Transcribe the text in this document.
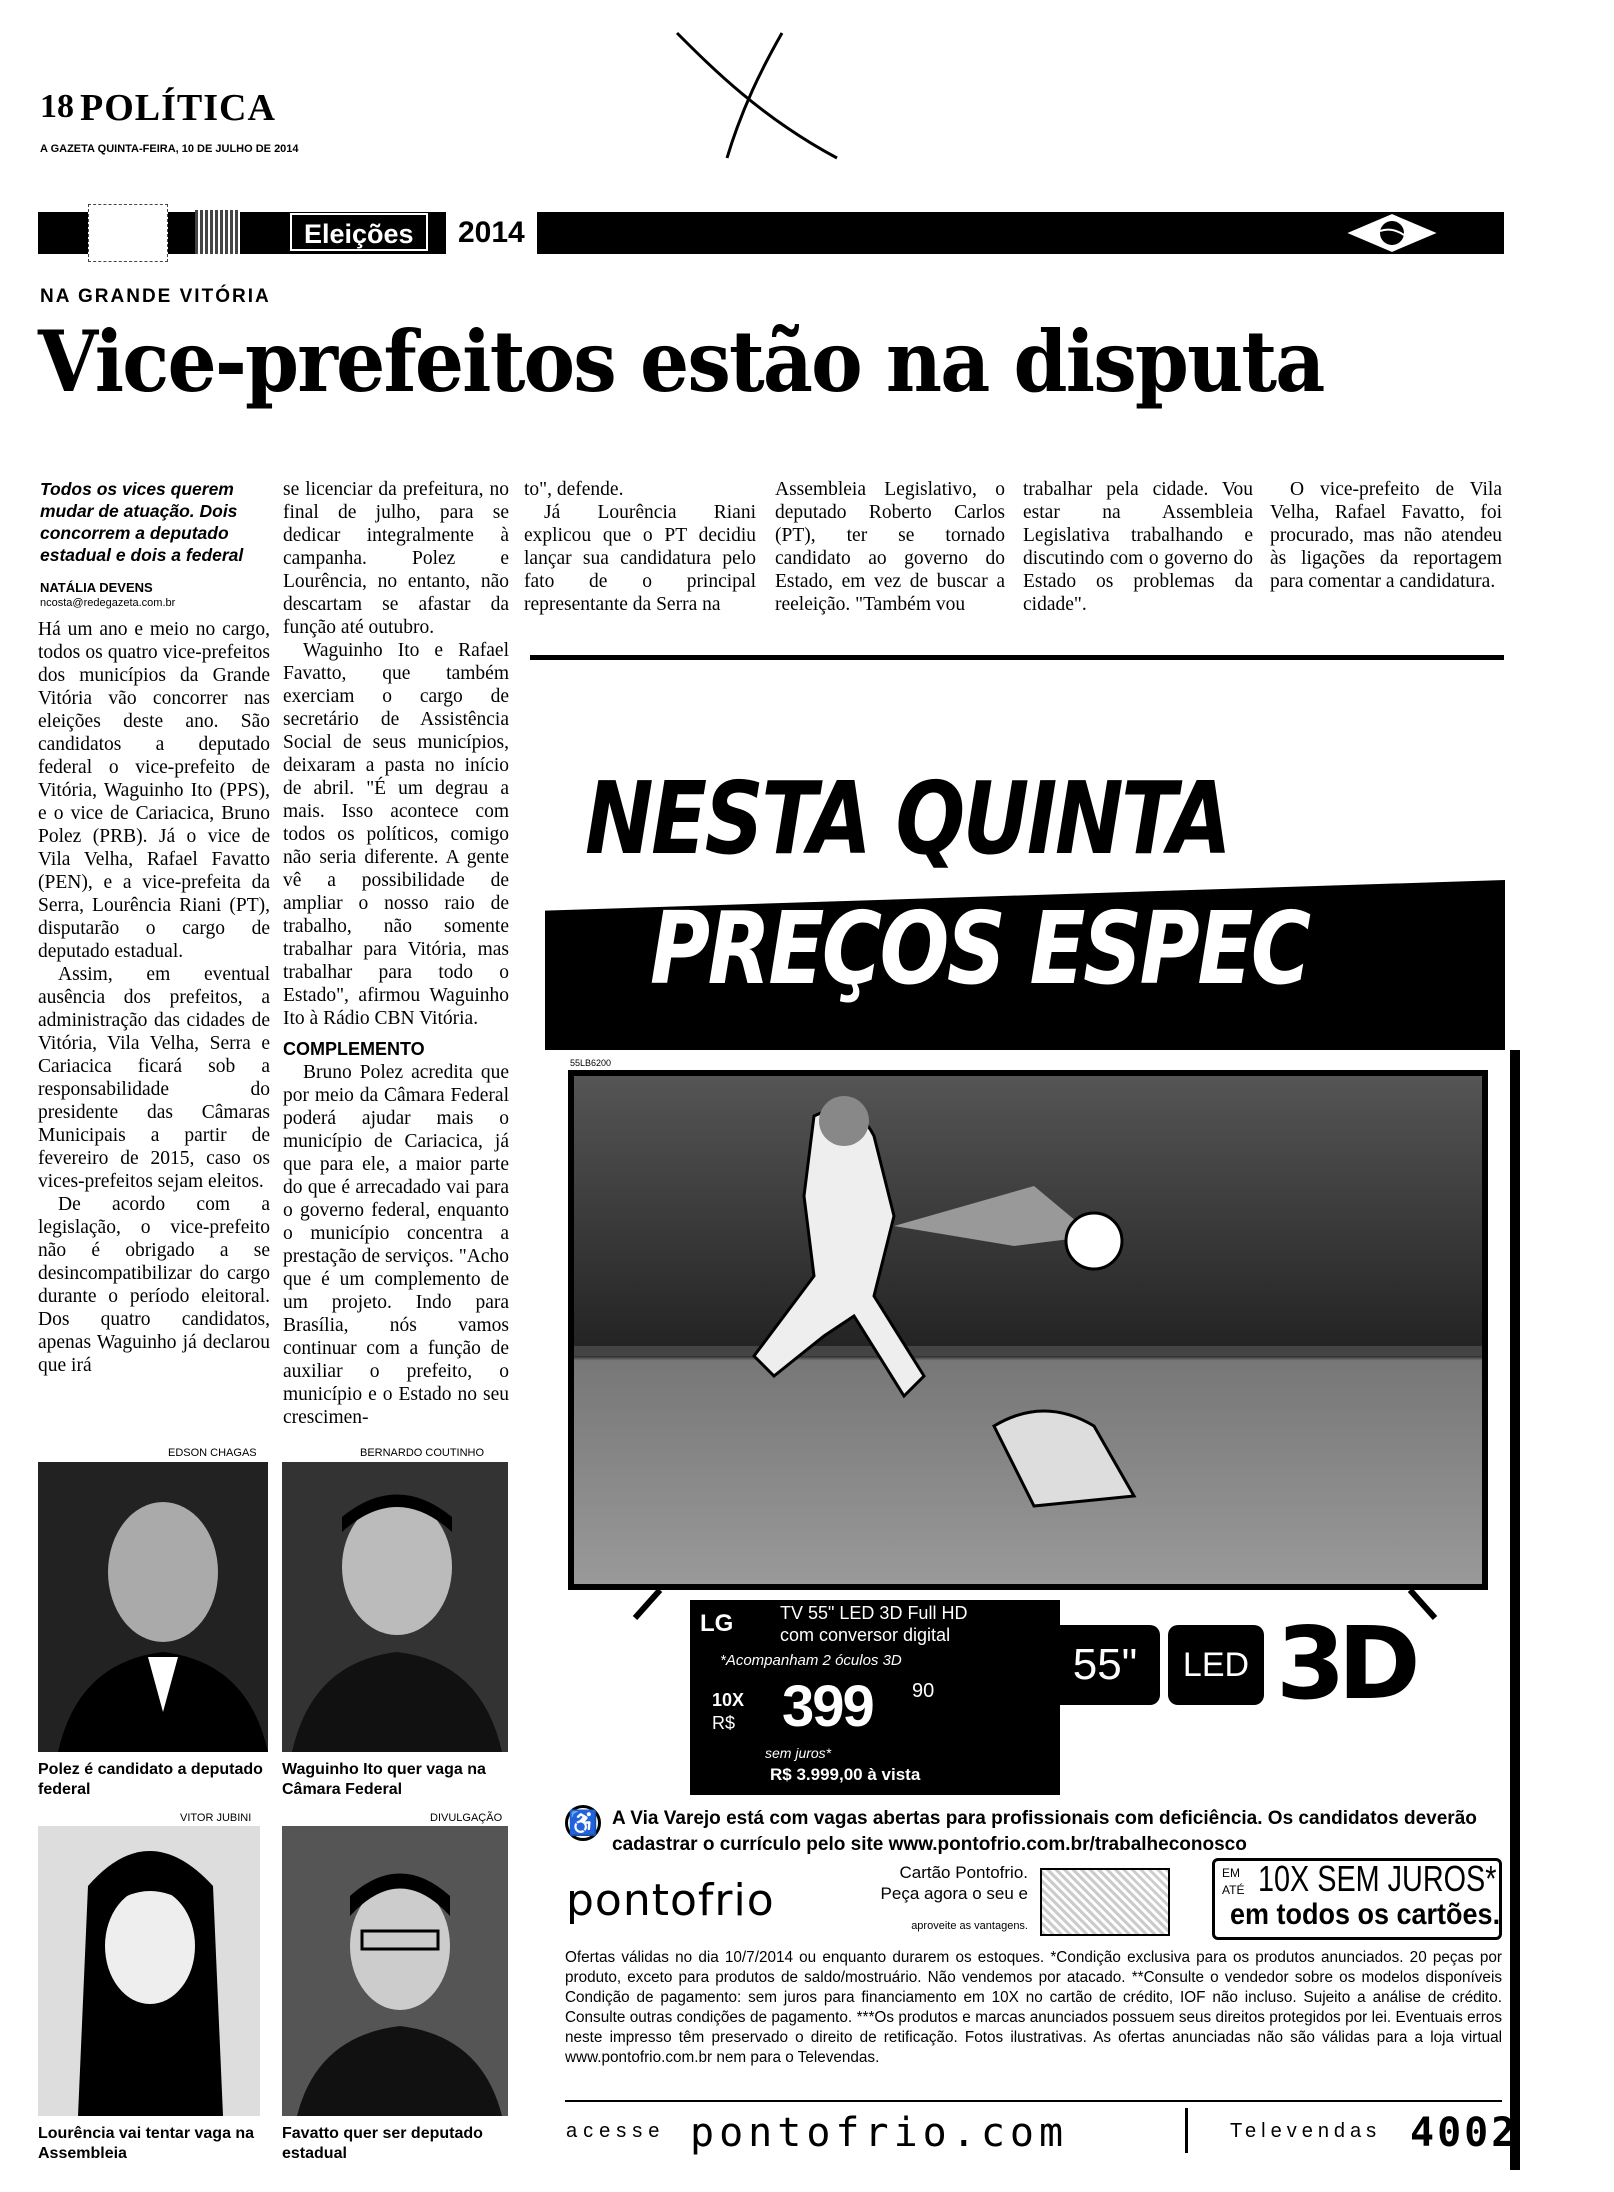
18 POLÍTICA
A GAZETA QUINTA-FEIRA, 10 DE JULHO DE 2014
Eleições	2014
NA GRANDE VITÓRIA
Vice-prefeitos estão na disputa
Todos os vices querem mudar de atuação. Dois concorrem a deputado estadual e dois a federal
NATÁLIA DEVENS
ncosta@redegazeta.com.br

Há um ano e meio no cargo, todos os quatro vice-prefeitos dos municípios da Grande Vitória vão concorrer nas eleições deste ano. São candidatos a deputado federal o vice-prefeito de Vitória, Waguinho Ito (PPS), e o vice de Cariacica, Bruno Polez (PRB). Já o vice de Vila Velha, Rafael Favatto (PEN), e a vice-prefeita da Serra, Lourência Riani (PT), disputarão o cargo de deputado estadual.

Assim, em eventual ausência dos prefeitos, a administração das cidades de Vitória, Vila Velha, Serra e Cariacica ficará sob a responsabilidade do presidente das Câmaras Municipais a partir de fevereiro de 2015, caso os vices-prefeitos sejam eleitos.

De acordo com a legislação, o vice-prefeito não é obrigado a se desincompatibilizar do cargo durante o período eleitoral. Dos quatro candidatos, apenas Waguinho já declarou que irá

se licenciar da prefeitura, no final de julho, para se dedicar integralmente à campanha. Polez e Lourência, no entanto, não descartam se afastar da função até outubro.

Waguinho Ito e Rafael Favatto, que também exerciam o cargo de secretário de Assistência Social de seus municípios, deixaram a pasta no início de abril. "É um degrau a mais. Isso acontece com todos os políticos, comigo não seria diferente. A gente vê a possibilidade de ampliar o nosso raio de trabalho, não somente trabalhar para Vitória, mas trabalhar para todo o Estado", afirmou Waguinho Ito à Rádio CBN Vitória.

COMPLEMENTO

Bruno Polez acredita que por meio da Câmara Federal poderá ajudar mais o município de Cariacica, já que para ele, a maior parte do que é arrecadado vai para o governo federal, enquanto o município concentra a prestação de serviços. "Acho que é um complemento de um projeto. Indo para Brasília, nós vamos continuar com a função de auxiliar o prefeito, o município e o Estado no seu crescimen-

to", defende.

Já Lourência Riani explicou que o PT decidiu lançar sua candidatura pelo fato de o principal representante da Serra na

Assembleia Legislativo, o deputado Roberto Carlos (PT), ter se tornado candidato ao governo do Estado, em vez de buscar a reeleição. "Também vou

trabalhar pela cidade. Vou estar na Assembleia Legislativa trabalhando e discutindo com o governo do Estado os problemas da cidade".

O vice-prefeito de Vila Velha, Rafael Favatto, foi procurado, mas não atendeu às ligações da reportagem para comentar a candidatura.

EDSON CHAGAS
Polez é candidato a deputado federal
BERNARDO COUTINHO
Waguinho Ito quer vaga na Câmara Federal
VITOR JUBINI
Lourência vai tentar vaga na Assembleia
DIVULGAÇÃO
Favatto quer ser deputado estadual
NESTA QUINTA
PREÇOS ESPEC
55LB6200
LG	TV 55" LED 3D Full HD
com conversor digital
*Acompanham 2 óculos 3D
10X
R$ 399 90
sem juros*
R$ 3.999,00 à vista
55"	LED 3D
♿ A Via Varejo está com vagas abertas para profissionais com deficiência. Os candidatos deverão cadastrar o currículo pelo site www.pontofrio.com.br/trabalheconosco
pontofrio
Cartão Pontofrio. Peça agora o seu e
aproveite as vantagens.
EM
ATÉ 10X SEM JUROS*
em todos os cartões.
Ofertas válidas no dia 10/7/2014 ou enquanto durarem os estoques. *Condição exclusiva para os produtos anunciados. 20 peças por produto, exceto para produtos de saldo/mostruário. Não vendemos por atacado. **Consulte o vendedor sobre os modelos disponíveis Condição de pagamento: sem juros para financiamento em 10X no cartão de crédito, IOF não incluso. Sujeito a análise de crédito. Consulte outras condições de pagamento. ***Os produtos e marcas anunciados possuem seus direitos protegidos por lei. Eventuais erros neste impresso têm preservado o direito de retificação. Fotos ilustrativas. As ofertas anunciadas não são válidas para a loja virtual www.pontofrio.com.br nem para o Televendas.
acesse pontofrio.com	Televendas 4002
